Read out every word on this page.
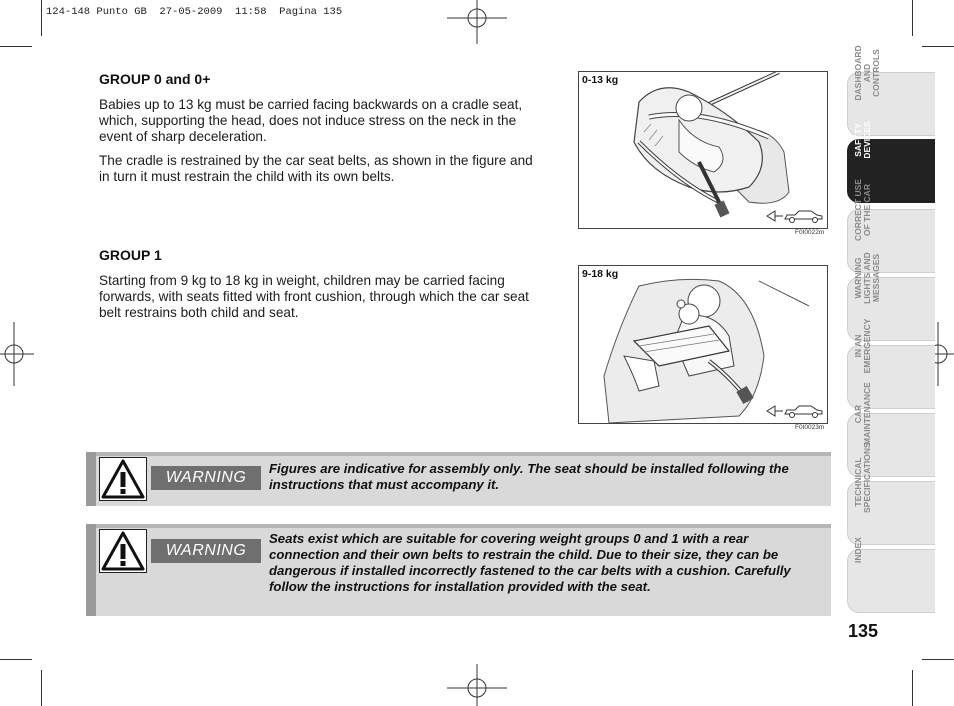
124-148 Punto GB  27-05-2009  11:58  Pagina 135
GROUP 0 and 0+
Babies up to 13 kg must be carried facing backwards on a cradle seat,
which, supporting the head, does not induce stress on the neck in the
event of sharp deceleration.
The cradle is restrained by the car seat belts, as shown in the figure and
in turn it must restrain the child with its own belts.
GROUP 1
Starting from 9 kg to 18 kg in weight, children may be carried facing
forwards, with seats fitted with front cushion, through which the car seat
belt restrains both child and seat.
0-13 kg
F0I0022m
9-18 kg
F0I0023m
WARNING
Figures are indicative for assembly only. The seat should be installed following the
instructions that must accompany it.
WARNING
Seats exist which are suitable for covering weight groups 0 and 1 with a rear
connection and their own belts to restrain the child. Due to their size, they can be
dangerous if installed incorrectly fastened to the car belts with a cushion. Carefully
follow the instructions for installation provided with the seat.
DASHBOARD AND CONTROLS
SAFETY DEVICES
CORRECT USE OF THE CAR
WARNING LIGHTS AND MESSAGES
IN AN EMERGENCY
CAR MAINTENANCE
TECHNICAL SPECIFICATIONS
INDEX
135
